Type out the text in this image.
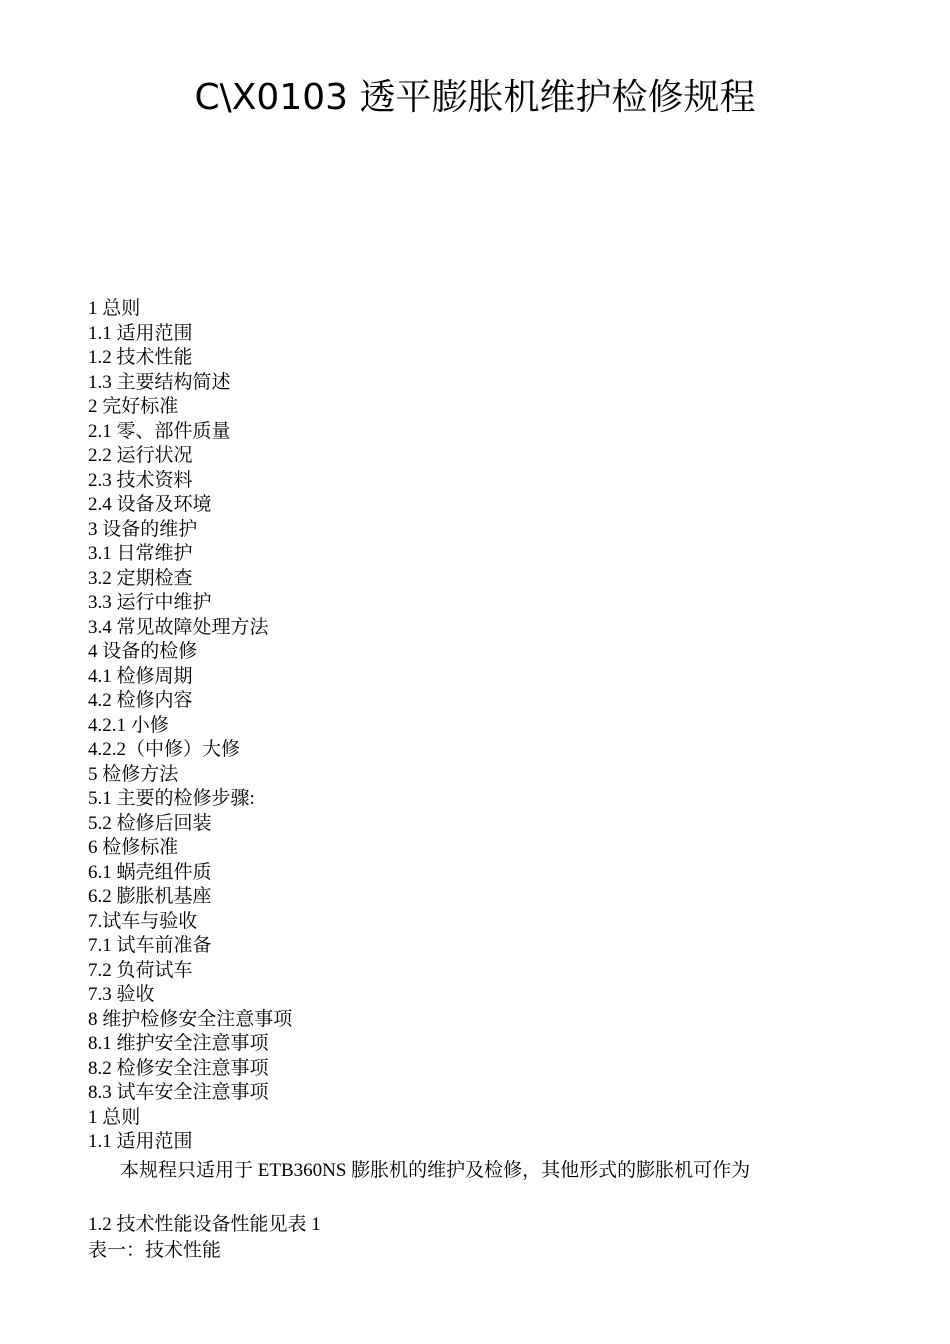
C\X0103 透平膨胀机维护检修规程
1 总则
1.1 适用范围
1.2 技术性能
1.3 主要结构简述
2 完好标准
2.1 零、部件质量
2.2 运行状况
2.3 技术资料
2.4 设备及环境
3 设备的维护
3.1 日常维护
3.2 定期检查
3.3 运行中维护
3.4 常见故障处理方法
4 设备的检修
4.1 检修周期
4.2 检修内容
4.2.1 小修
4.2.2（中修）大修
5 检修方法
5.1 主要的检修步骤:
5.2 检修后回装
6 检修标准
6.1 蜗壳组件质
6.2 膨胀机基座
7.试车与验收
7.1 试车前准备
7.2 负荷试车
7.3 验收
8 维护检修安全注意事项
8.1 维护安全注意事项
8.2 检修安全注意事项
8.3 试车安全注意事项
1 总则
1.1 适用范围
本规程只适用于 ETB360NS 膨胀机的维护及检修，其他形式的膨胀机可作为
1.2 技术性能设备性能见表 1
表一：技术性能
